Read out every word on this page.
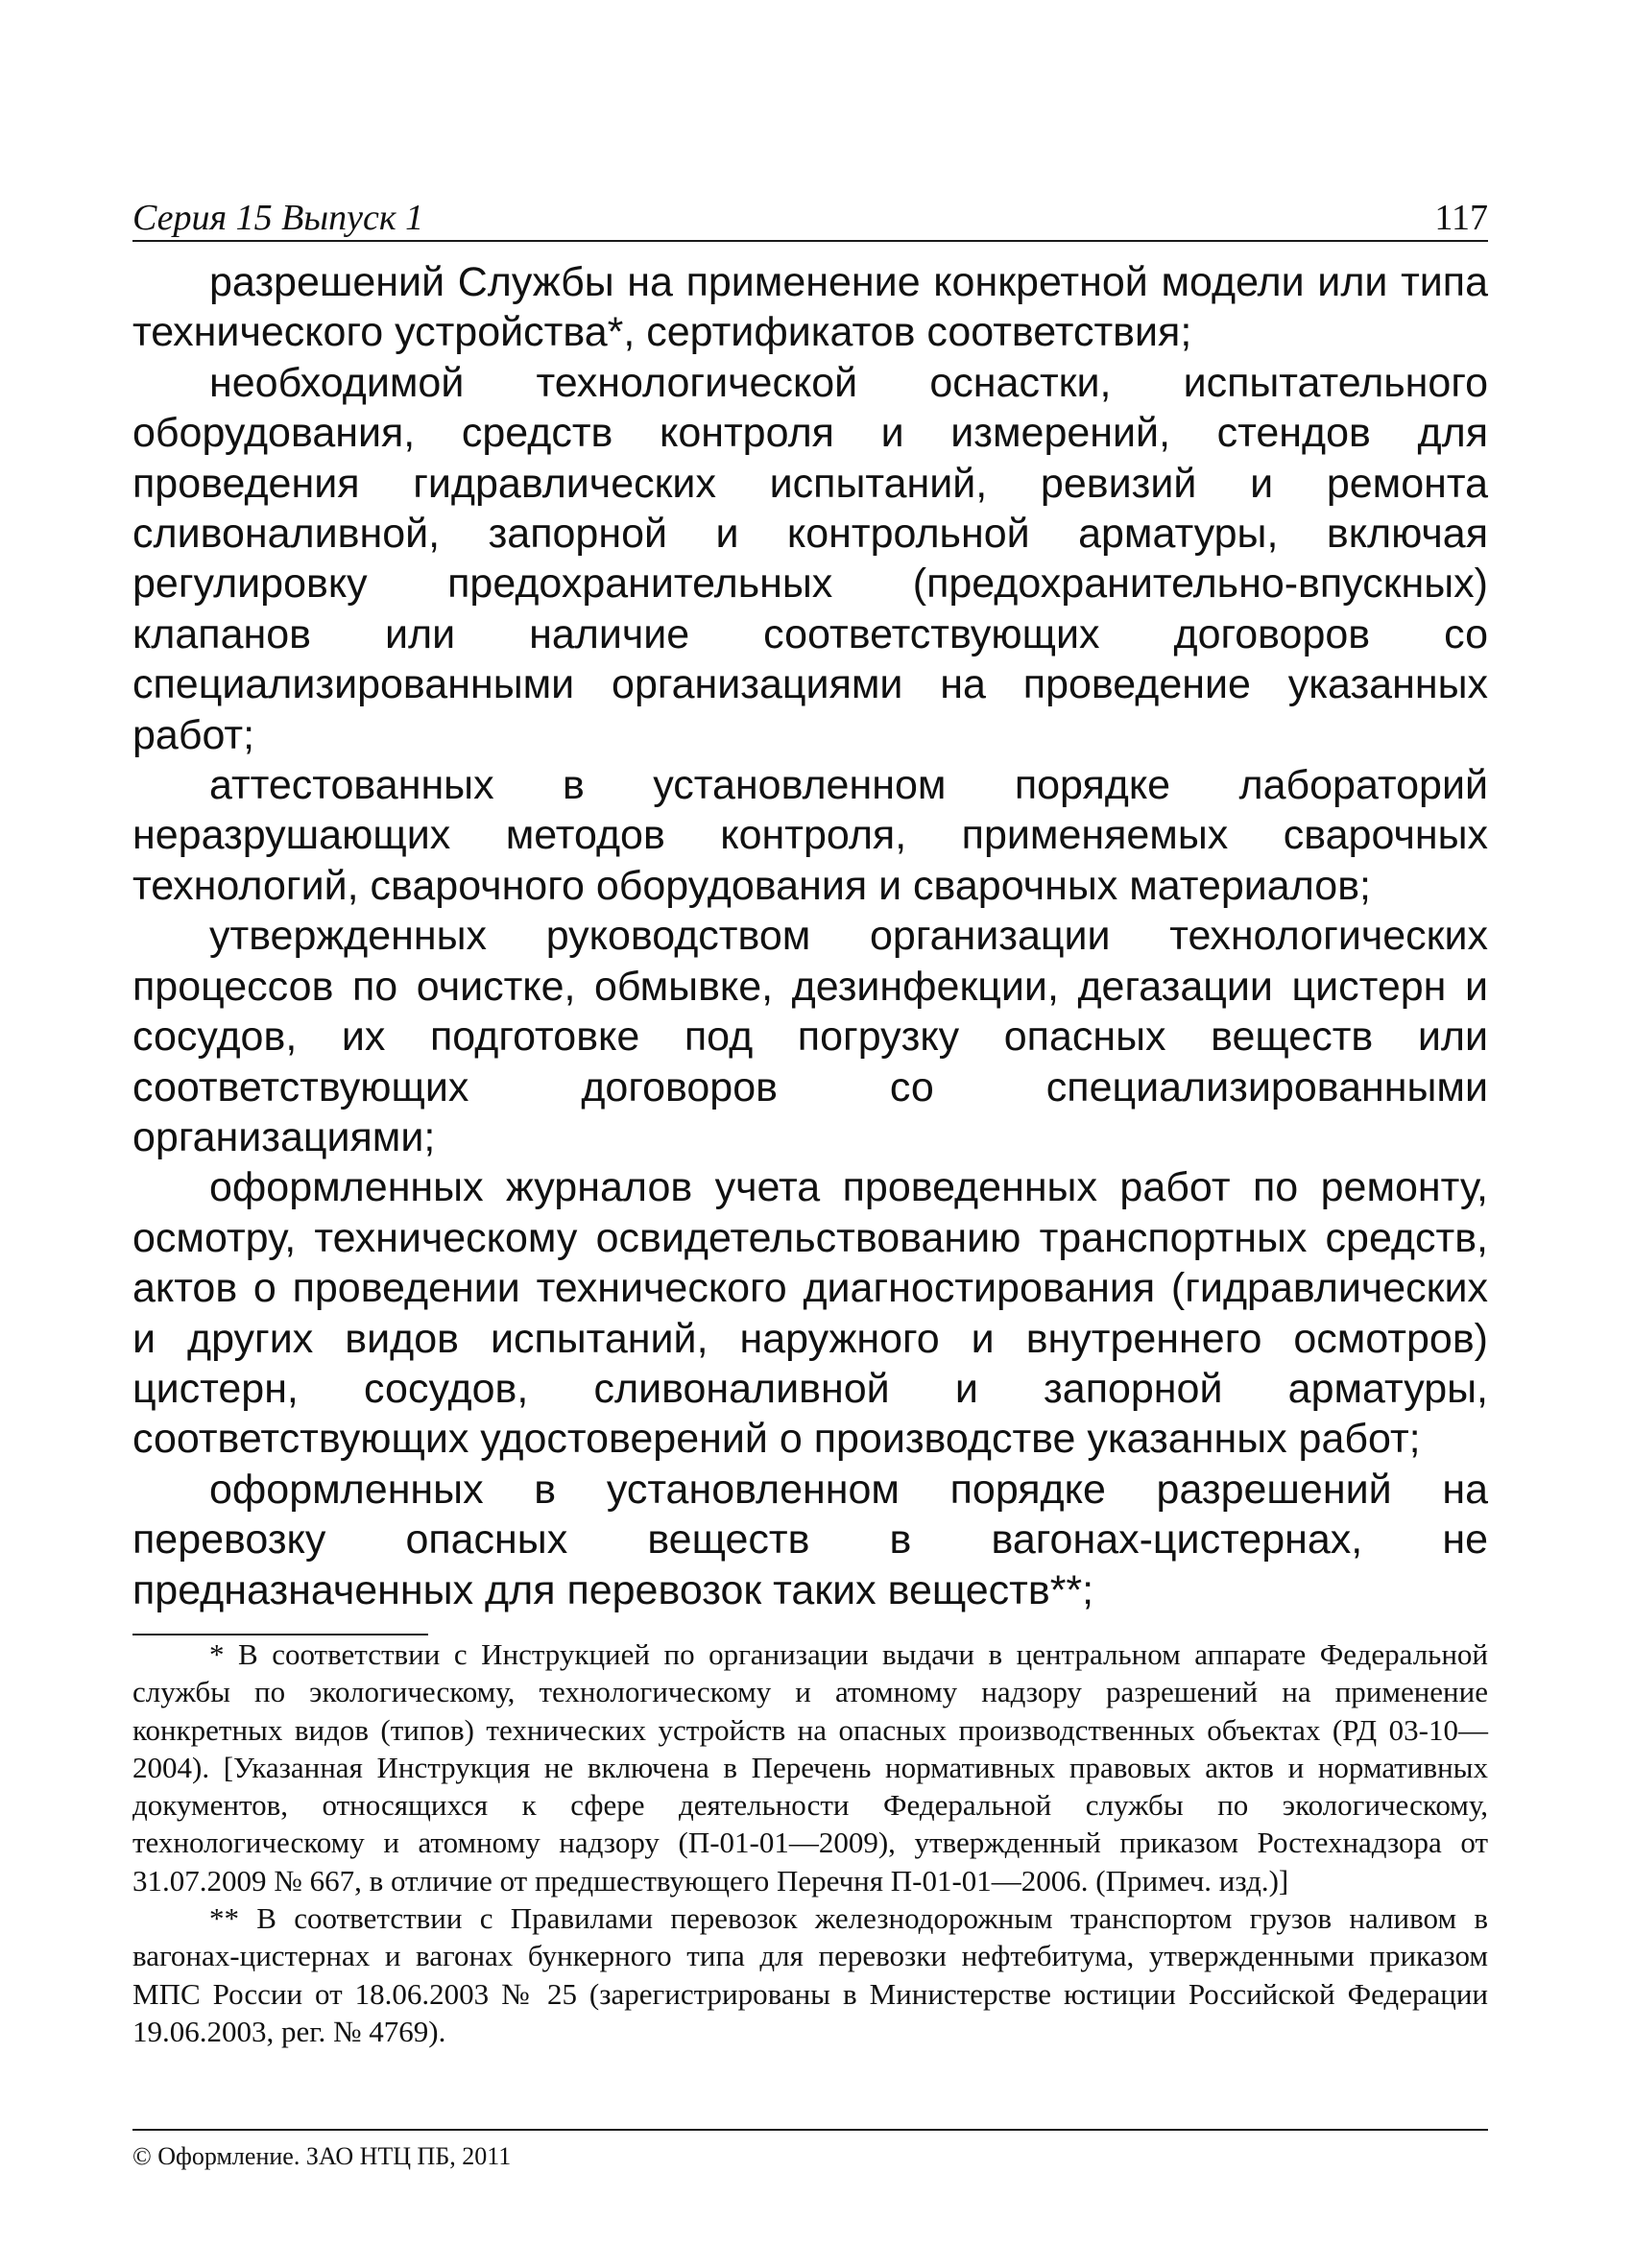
Серия 15 Выпуск 1	117

разрешений Службы на применение конкретной модели или типа технического устройства*, сертификатов соответствия;

необходимой технологической оснастки, испытательного оборудования, средств контроля и измерений, стендов для проведения гидравлических испытаний, ревизий и ремонта сливоналивной, запорной и контрольной арматуры, включая регулировку предохранительных (предохранительно-впускных) клапанов или наличие соответствующих договоров со специализированными организациями на проведение указанных работ;

аттестованных в установленном порядке лабораторий неразрушающих методов контроля, применяемых сварочных технологий, сварочного оборудования и сварочных материалов;

утвержденных руководством организации технологических процессов по очистке, обмывке, дезинфекции, дегазации цистерн и сосудов, их подготовке под погрузку опасных веществ или соответствующих договоров со специализированными организациями;

оформленных журналов учета проведенных работ по ремонту, осмотру, техническому освидетельствованию транспортных средств, актов о проведении технического диагностирования (гидравлических и других видов испытаний, наружного и внутреннего осмотров) цистерн, сосудов, сливоналивной и запорной арматуры, соответствующих удостоверений о производстве указанных работ;

оформленных в установленном порядке разрешений на перевозку опасных веществ в вагонах-цистернах, не предназначенных для перевозок таких веществ**;

* В соответствии с Инструкцией по организации выдачи в центральном аппарате Федеральной службы по экологическому, технологическому и атомному надзору разрешений на применение конкретных видов (типов) технических устройств на опасных производственных объектах (РД 03-10—2004). [Указанная Инструкция не включена в Перечень нормативных правовых актов и нормативных документов, относящихся к сфере деятельности Федеральной службы по экологическому, технологическому и атомному надзору (П-01-01—2009), утвержденный приказом Ростехнадзора от 31.07.2009 № 667, в отличие от предшествующего Перечня П-01-01—2006. (Примеч. изд.)]

** В соответствии с Правилами перевозок железнодорожным транспортом грузов наливом в вагонах-цистернах и вагонах бункерного типа для перевозки нефтебитума, утвержденными приказом МПС России от 18.06.2003 № 25 (зарегистрированы в Министерстве юстиции Российской Федерации 19.06.2003, рег. № 4769).

© Оформление. ЗАО НТЦ ПБ, 2011
